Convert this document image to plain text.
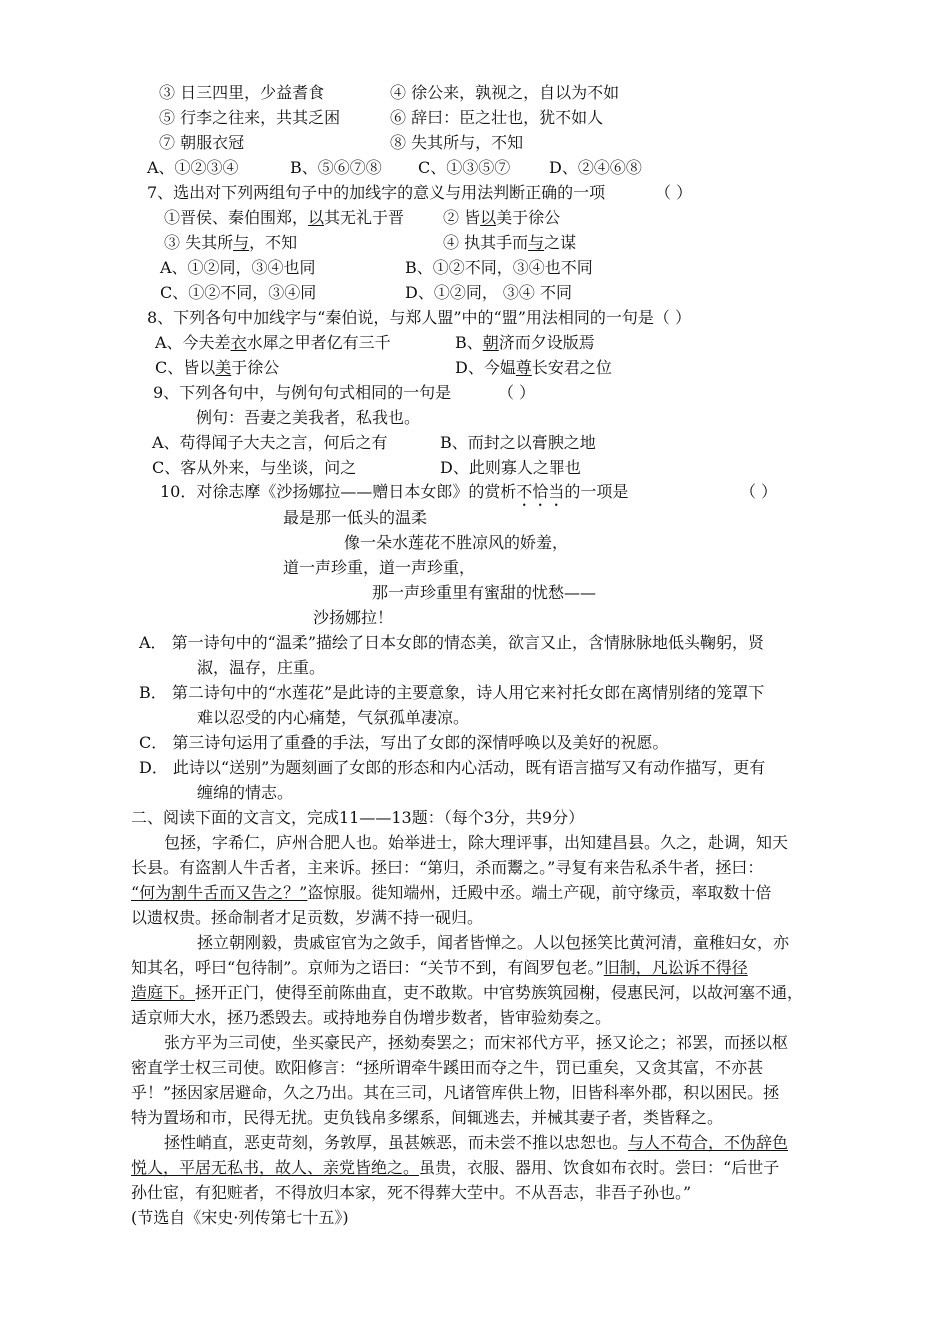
③ 日三四里，少益耆食	④ 徐公来，孰视之，自以为不如
⑤ 行李之往来，共其乏困	⑥ 辞曰：臣之壮也，犹不如人
⑦ 朝服衣冠	⑧ 失其所与，不知
A、①②③④	B、⑤⑥⑦⑧ C、①③⑤⑦ D、②④⑥⑧
7、选出对下列两组句子中的加线字的意义与用法判断正确的一项	（ ）
①晋侯、秦伯围郑，以其无礼于晋 ② 皆以美于徐公
③ 失其所与，不知	④ 执其手而与之谋
A、①②同，③④也同	B、①②不同，③④也不同
C、①②不同，③④同	D、①②同， ③④ 不同
8、下列各句中加线字与“秦伯说，与郑人盟”中的“盟”用法相同的一句是（ ）
A、今夫差衣水犀之甲者亿有三千	B、朝济而夕设版焉
C、皆以美于徐公	D、今媪尊长安君之位
9、下列各句中，与例句句式相同的一句是	（ ）
例句：吾妻之美我者，私我也。
A、苟得闻子大夫之言，何后之有	B、而封之以膏腴之地
C、客从外来，与坐谈，问之	D、此则寡人之罪也
10．对徐志摩《沙扬娜拉——赠日本女郎》的赏析不恰当的一项是	（ ）
最是那一低头的温柔
像一朵水莲花不胜凉风的娇羞，
道一声珍重，道一声珍重，
那一声珍重里有蜜甜的忧愁——
沙扬娜拉！
A． 第一诗句中的“温柔”描绘了日本女郎的情态美，欲言又止，含情脉脉地低头鞠躬，贤
淑，温存，庄重。
B． 第二诗句中的“水莲花”是此诗的主要意象，诗人用它来衬托女郎在离情别绪的笼罩下
难以忍受的内心痛楚，气氛孤单凄凉。
C． 第三诗句运用了重叠的手法，写出了女郎的深情呼唤以及美好的祝愿。
D． 此诗以“送别”为题刻画了女郎的形态和内心活动，既有语言描写又有动作描写，更有
缠绵的情志。
二、阅读下面的文言文，完成11——13题：（每个3分，共9分）
包拯，字希仁，庐州合肥人也。始举进士，除大理评事，出知建昌县。久之，赴调，知天
长县。有盗割人牛舌者，主来诉。拯曰：“第归，杀而鬻之。”寻复有来告私杀牛者，拯曰：
“何为割牛舌而又告之？”盗惊服。徙知端州，迁殿中丞。端土产砚，前守缘贡，率取数十倍
以遗权贵。拯命制者才足贡数，岁满不持一砚归。
拯立朝刚毅，贵戚宦官为之敛手，闻者皆惮之。人以包拯笑比黄河清，童稚妇女，亦
知其名，呼曰“包待制”。京师为之语曰：“关节不到，有阎罗包老。”旧制，凡讼诉不得径
造庭下。拯开正门，使得至前陈曲直，吏不敢欺。中官势族筑园榭，侵惠民河，以故河塞不通，
适京师大水，拯乃悉毁去。或持地券自伪增步数者，皆审验劾奏之。
张方平为三司使，坐买豪民产，拯劾奏罢之；而宋祁代方平，拯又论之；祁罢，而拯以枢
密直学士权三司使。欧阳修言：“拯所谓牵牛蹊田而夺之牛，罚已重矣，又贪其富，不亦甚
乎！”拯因家居避命，久之乃出。其在三司，凡诸管库供上物，旧皆科率外郡，积以困民。拯
特为置场和市，民得无扰。吏负钱帛多缧系，间辄逃去，并械其妻子者，类皆释之。
拯性峭直，恶吏苛刻，务敦厚，虽甚嫉恶，而未尝不推以忠恕也。与人不苟合，不伪辞色
悦人，平居无私书，故人、亲党皆绝之。虽贵，衣服、器用、饮食如布衣时。尝曰：“后世子
孙仕宦，有犯赃者，不得放归本家，死不得葬大茔中。不从吾志，非吾子孙也。”
(节选自《宋史·列传第七十五》)
